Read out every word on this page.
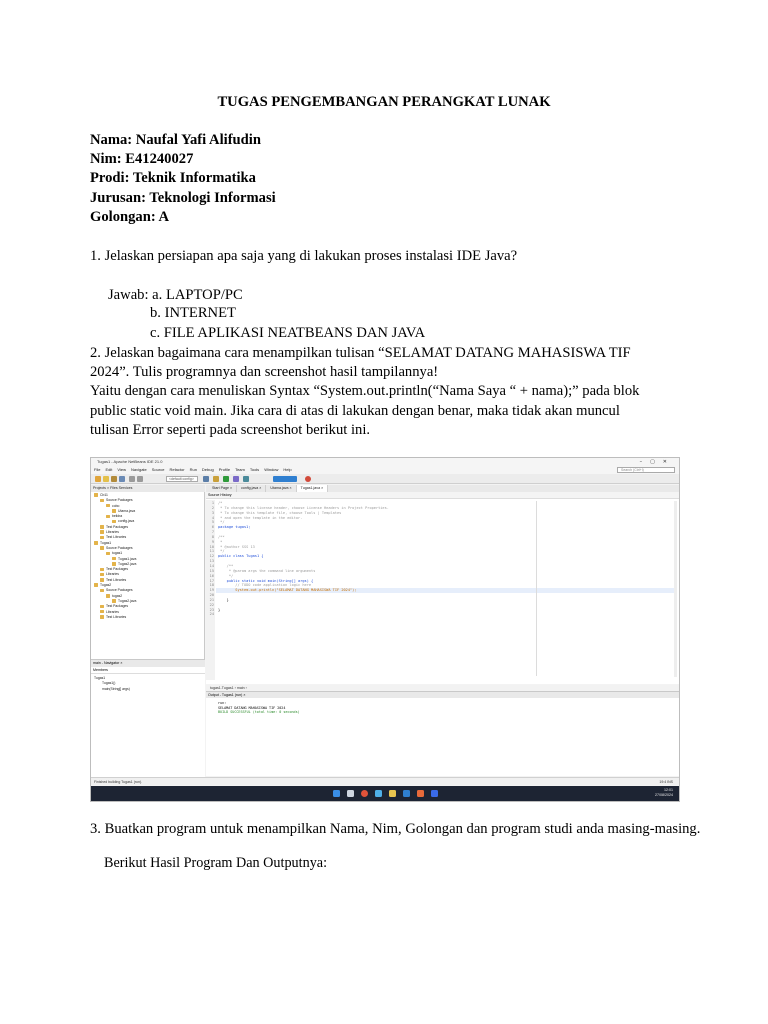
TUGAS PENGEMBANGAN PERANGKAT LUNAK
Nama: Naufal Yafi Alifudin
Nim: E41240027
Prodi: Teknik Informatika
Jurusan: Teknologi Informasi
Golongan: A
1. Jelaskan persiapan apa saja yang di lakukan proses instalasi IDE Java?
Jawab: a. LAPTOP/PC
b. INTERNET
c. FILE APLIKASI NEATBEANS DAN JAVA
2. Jelaskan bagaimana cara menampilkan tulisan “SELAMAT DATANG MAHASISWA TIF
2024”. Tulis programnya dan screenshot hasil tampilannya!
Yaitu dengan cara menuliskan Syntax “System.out.println(“Nama Saya “ + nama);” pada blok
public static void main. Jika cara di atas di lakukan dengan benar, maka tidak akan muncul
tulisan Error seperti pada screenshot berikut ini.
Tugas1 - Apache NetBeans IDE 21.0	–▢✕
File Edit View Navigate Source Refactor Run Debug Profile Team Tools Window Help	Search (Ctrl+I)
<default config>
Projects × Files Services
Cb11
Source Packages
cobo
Utama.java
belidra
config.java
Test Packages
Libraries
Test Libraries
Tugas1
Source Packages
tugas1
Tugas1.java
Tugas2.java
Test Packages
Libraries
Test Libraries
Tugas2
Source Packages
tugas2
Tugas2.java
Test Packages
Libraries
Test Libraries
main - Navigator ×
Members
Tugas1
Tugas1()
main(String[] args)
Start Page ×	config.java ×	Utama.java ×	Tugas1.java ×
Source History
1 /*
2 * To change this license header, choose License Headers in Project Properties.
3 * To change this template file, choose Tools | Templates
4 * and open the template in the editor.
5 */
6 package tugas1;
7
8 /**
9 *
10 * @author SSS 13
11 */
12 public class Tugas1 {
13
14    /**
15     * @param args the command line arguments
16     */
17    public static void main(String[] args) {
18        // TODO code application logic here
19        System.out.println("SELAMAT DATANG MAHASISWA TIF 2024");
20
21    }
22
23 }
24
tugas1.Tugas1 › main ›
Output - Tugas1 (run) ×
run:
SELAMAT DATANG MAHASISWA TIF 2024
BUILD SUCCESSFUL (total time: 0 seconds)
Finished building Tugas1 (run).	19:4 INS
12:01
27/08/2024
3. Buatkan program untuk menampilkan Nama, Nim, Golongan dan program studi anda masing-masing.
Berikut Hasil Program Dan Outputnya:
